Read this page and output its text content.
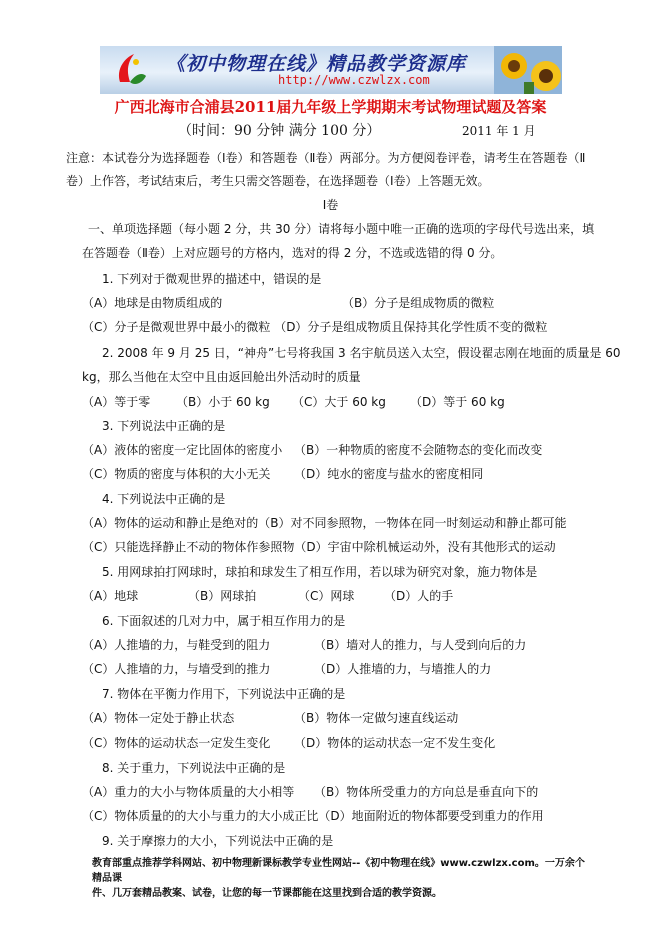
《初中物理在线》精品教学资源库
http://www.czwlzx.com
广西北海市合浦县2011届九年级上学期期末考试物理试题及答案
（时间：90 分钟 满分 100 分）	2011 年 1 月
注意：本试卷分为选择题卷（Ⅰ卷）和答题卷（Ⅱ卷）两部分。为方便阅卷评卷，请考生在答题卷（Ⅱ
卷）上作答，考试结束后，考生只需交答题卷，在选择题卷（Ⅰ卷）上答题无效。
Ⅰ卷
一、单项选择题（每小题 2 分，共 30 分）请将每小题中唯一正确的选项的字母代号选出来，填
在答题卷（Ⅱ卷）上对应题号的方格内，选对的得 2 分，不选或选错的得 0 分。
1. 下列对于微观世界的描述中，错误的是
（A）地球是由物质组成的	（B）分子是组成物质的微粒
（C）分子是微观世界中最小的微粒 （D）分子是组成物质且保持其化学性质不变的微粒
2. 2008 年 9 月 25 日，“神舟”七号将我国 3 名宇航员送入太空，假设翟志刚在地面的质量是 60
kg，那么当他在太空中且由返回舱出外活动时的质量
（A）等于零 （B）小于 60 kg （C）大于 60 kg （D）等于 60 kg
3. 下列说法中正确的是
（A）液体的密度一定比固体的密度小 （B）一种物质的密度不会随物态的变化而改变
（C）物质的密度与体积的大小无关 （D）纯水的密度与盐水的密度相同
4. 下列说法中正确的是
（A）物体的运动和静止是绝对的（B）对不同参照物，一物体在同一时刻运动和静止都可能
（C）只能选择静止不动的物体作参照物（D）宇宙中除机械运动外，没有其他形式的运动
5. 用网球拍打网球时，球拍和球发生了相互作用，若以球为研究对象，施力物体是
（A）地球	（B）网球拍	（C）网球 （D）人的手
6. 下面叙述的几对力中，属于相互作用力的是
（A）人推墙的力，与鞋受到的阻力	（B）墙对人的推力，与人受到向后的力
（C）人推墙的力，与墙受到的推力	（D）人推墙的力，与墙推人的力
7. 物体在平衡力作用下，下列说法中正确的是
（A）物体一定处于静止状态	（B）物体一定做匀速直线运动
（C）物体的运动状态一定发生变化 （D）物体的运动状态一定不发生变化
8. 关于重力，下列说法中正确的是
（A）重力的大小与物体质量的大小相等 （B）物体所受重力的方向总是垂直向下的
（C）物体质量的的大小与重力的大小成正比（D）地面附近的物体都要受到重力的作用
9. 关于摩擦力的大小，下列说法中正确的是
教育部重点推荐学科网站、初中物理新课标教学专业性网站--《初中物理在线》www.czwlzx.com。一万余个精品课
件、几万套精品教案、试卷，让您的每一节课都能在这里找到合适的教学资源。
